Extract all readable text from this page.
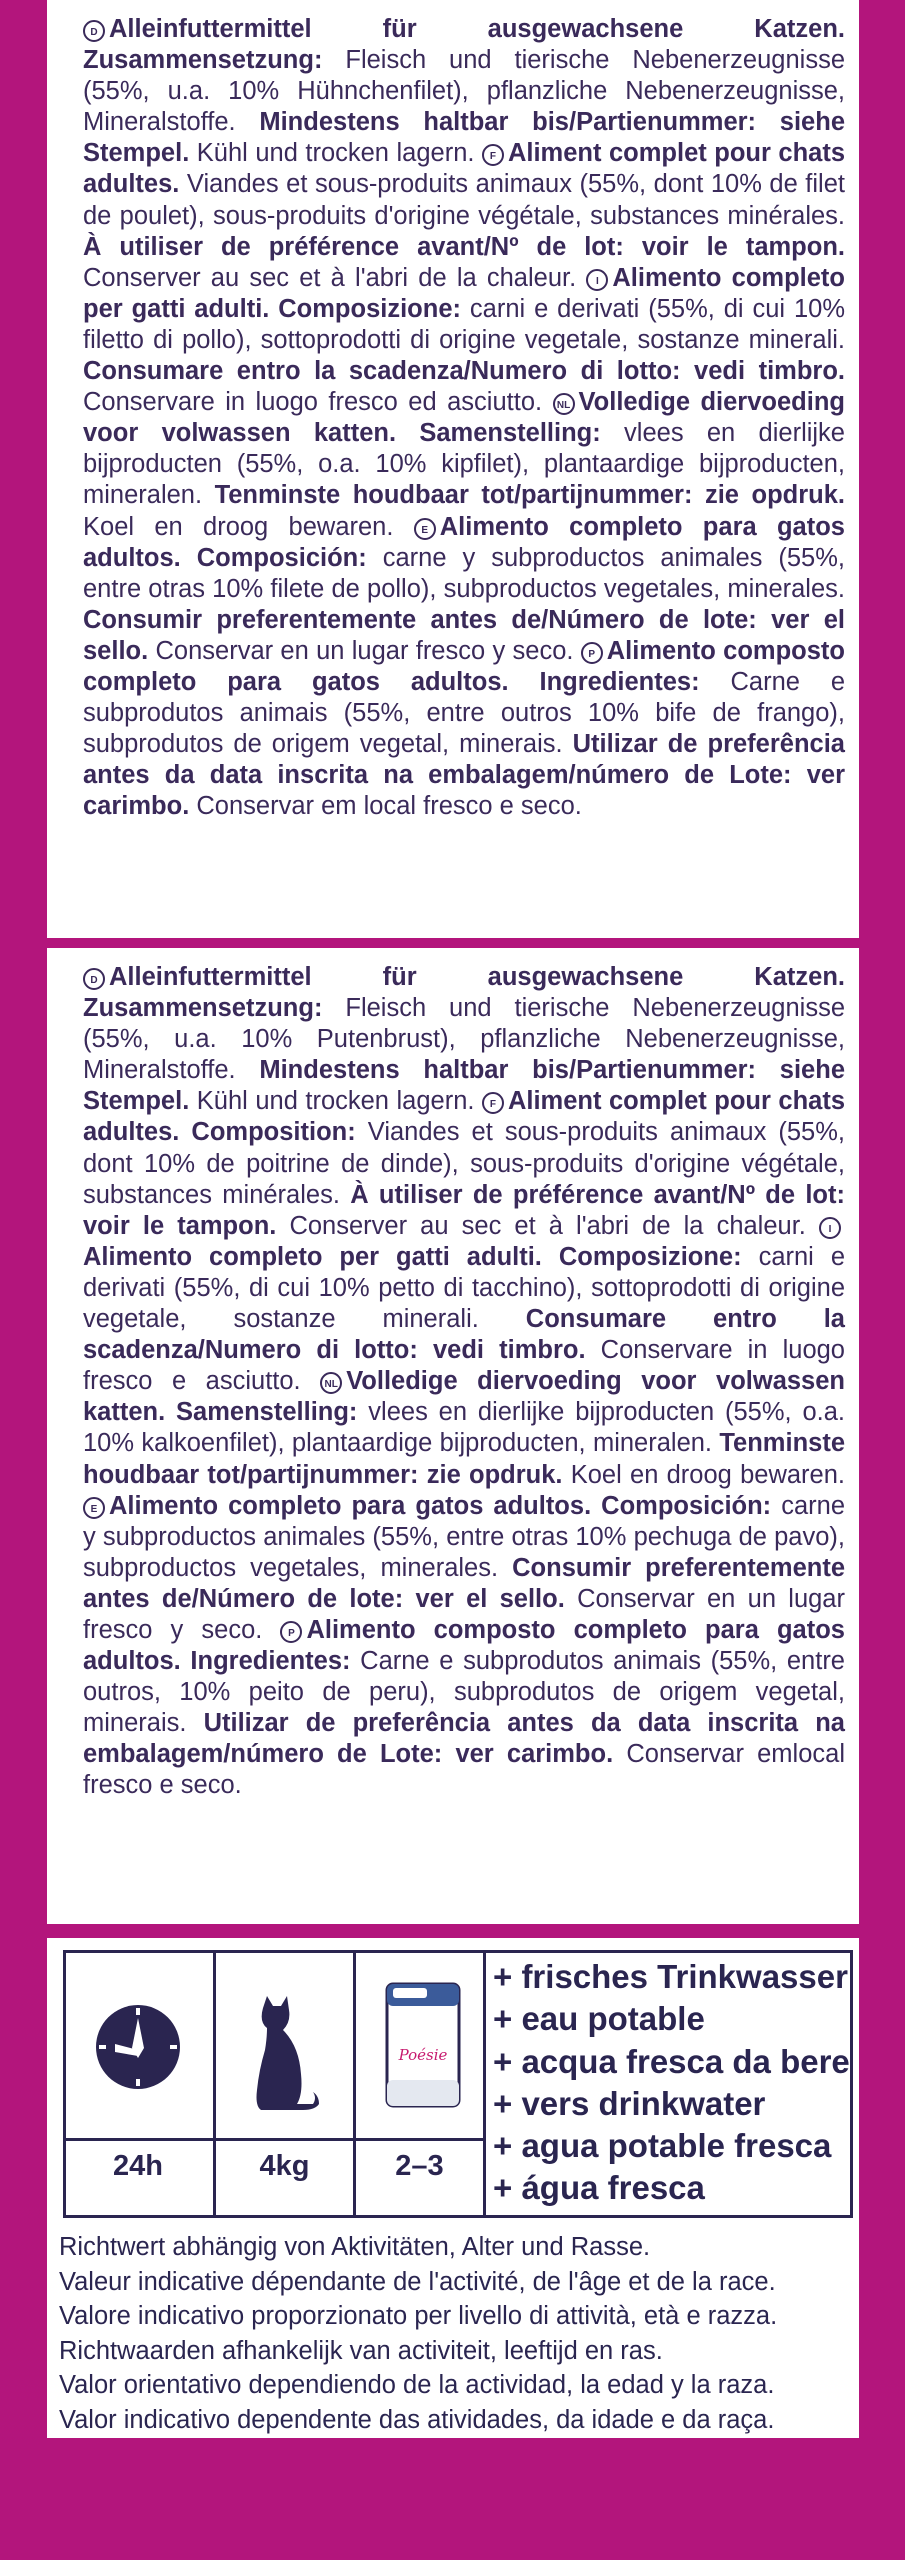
D Alleinfuttermittel für ausgewachsene Katzen. Zusammensetzung: Fleisch und tierische Nebenerzeugnisse (55%, u.a. 10% Hühnchenfilet), pflanzliche Nebenerzeugnisse, Mineralstoffe. Mindestens haltbar bis/Partienummer: siehe Stempel. Kühl und trocken lagern. F Aliment complet pour chats adultes. Viandes et sous-produits animaux (55%, dont 10% de filet de poulet), sous-produits d'origine végétale, substances minérales. À utiliser de préférence avant/Nº de lot: voir le tampon. Conserver au sec et à l'abri de la chaleur. I Alimento completo per gatti adulti. Composizione: carni e derivati (55%, di cui 10% filetto di pollo), sottoprodotti di origine vegetale, sostanze minerali. Consumare entro la scadenza/Numero di lotto: vedi timbro. Conservare in luogo fresco ed asciutto. NL Volledige diervoeding voor volwassen katten. Samenstelling: vlees en dierlijke bijproducten (55%, o.a. 10% kipfilet), plantaardige bijproducten, mineralen. Tenminste houdbaar tot/partijnummer: zie opdruk. Koel en droog bewaren.	E Alimento completo para gatos adultos. Composición: carne y subproductos animales (55%, entre otras 10% filete de pollo), subproductos vegetales, minerales. Consumir preferentemente antes de/Número de lote: ver el sello. Conservar en un lugar fresco y seco. P Alimento composto completo para gatos adultos. Ingredientes: Carne e subprodutos animais (55%, entre outros 10% bife de frango), subprodutos de origem vegetal, minerais. Utilizar de preferência antes da data inscrita na embalagem/número de Lote: ver carimbo. Conservar em local fresco e seco.
D Alleinfuttermittel für ausgewachsene Katzen. Zusammensetzung: Fleisch und tierische Nebenerzeugnisse (55%, u.a. 10% Putenbrust), pflanzliche Nebenerzeugnisse, Mineralstoffe. Mindestens haltbar bis/Partienummer: siehe Stempel. Kühl und trocken lagern. F Aliment complet pour chats adultes. Composition: Viandes et sous-produits animaux (55%, dont 10% de poitrine de dinde), sous-produits d'origine végétale, substances minérales. À utiliser de préférence avant/Nº de lot: voir le tampon. Conserver au sec et à l'abri de la chaleur. IAlimento completo per gatti adulti. Composizione: carni e derivati (55%, di cui 10% petto di tacchino), sottoprodotti di origine vegetale, sostanze minerali. Consumare entro la scadenza/Numero di lotto: vedi timbro. Conservare in luogo fresco e asciutto. NL Volledige diervoeding voor volwassen katten. Samenstelling: vlees en dierlijke bijproducten (55%, o.a. 10% kalkoenfilet), plantaardige bijproducten, mineralen. Tenminste houdbaar tot/partijnummer: zie opdruk. Koel en droog bewaren. E Alimento completo para gatos adultos. Composición: carne y subproductos animales (55%, entre otras 10% pechuga de pavo), subproductos vegetales, minerales. Consumir preferentemente antes de/Número de lote: ver el sello. Conservar en un lugar fresco y seco.	P Alimento composto completo para gatos adultos. Ingredientes: Carne e subprodutos animais (55%, entre outros, 10% peito de peru), subprodutos de origem vegetal, minerais. Utilizar de preferência antes da data inscrita na embalagem/número de Lote: ver carimbo. Conservar emlocal fresco e seco.
Poésie
24h	4kg	2–3
+ frisches Trinkwasser
+ eau potable
+ acqua fresca da bere
+ vers drinkwater
+ agua potable fresca
+ água fresca
Richtwert abhängig von Aktivitäten, Alter und Rasse.
Valeur indicative dépendante de l'activité, de l'âge et de la race.
Valore indicativo proporzionato per livello di attività, età e razza.
Richtwaarden afhankelijk van activiteit, leeftijd en ras.
Valor orientativo dependiendo de la actividad, la edad y la raza.
Valor indicativo dependente das atividades, da idade e da raça.
